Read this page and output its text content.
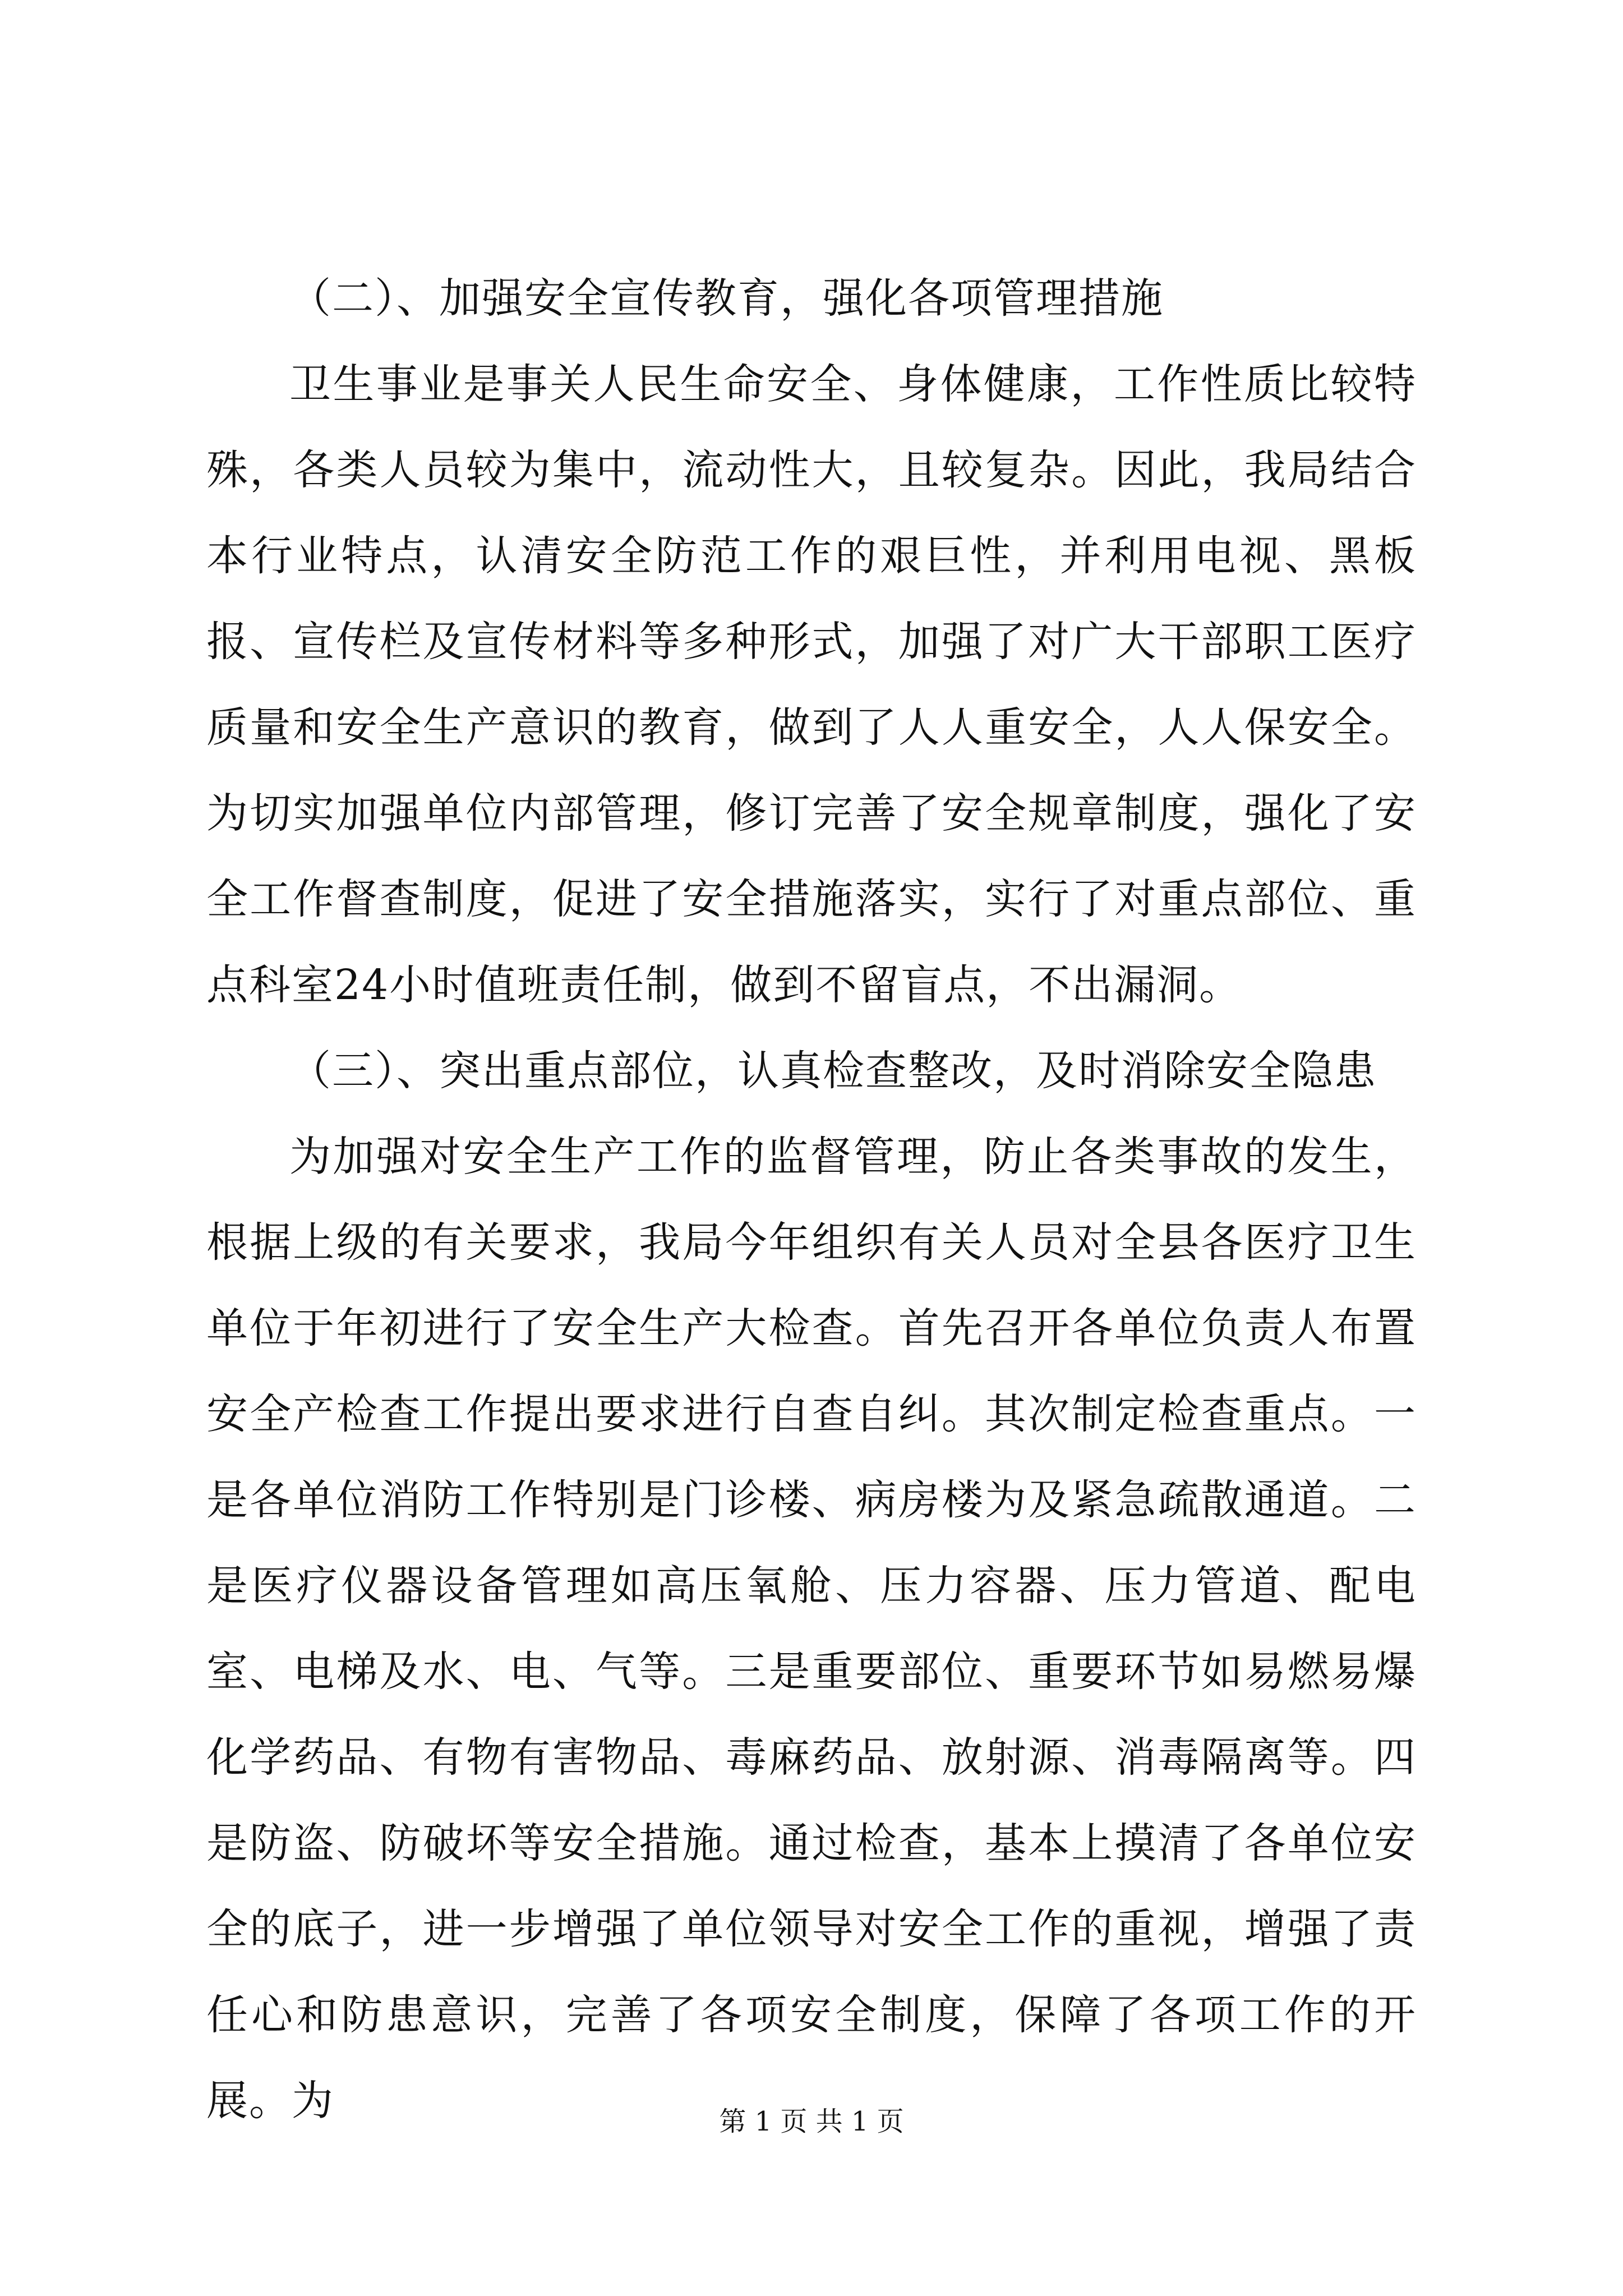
（二）、加强安全宣传教育，强化各项管理措施

卫生事业是事关人民生命安全、身体健康，工作性质比较特殊，各类人员较为集中，流动性大，且较复杂。因此，我局结合本行业特点，认清安全防范工作的艰巨性，并利用电视、黑板报、宣传栏及宣传材料等多种形式，加强了对广大干部职工医疗质量和安全生产意识的教育，做到了人人重安全，人人保安全。为切实加强单位内部管理，修订完善了安全规章制度，强化了安全工作督查制度，促进了安全措施落实，实行了对重点部位、重点科室24小时值班责任制，做到不留盲点，不出漏洞。

（三）、突出重点部位，认真检查整改，及时消除安全隐患

为加强对安全生产工作的监督管理，防止各类事故的发生，根据上级的有关要求，我局今年组织有关人员对全县各医疗卫生单位于年初进行了安全生产大检查。首先召开各单位负责人布置安全产检查工作提出要求进行自查自纠。其次制定检查重点。一是各单位消防工作特别是门诊楼、病房楼为及紧急疏散通道。二是医疗仪器设备管理如高压氧舱、压力容器、压力管道、配电室、电梯及水、电、气等。三是重要部位、重要环节如易燃易爆化学药品、有物有害物品、毒麻药品、放射源、消毒隔离等。四是防盗、防破坏等安全措施。通过检查，基本上摸清了各单位安全的底子，进一步增强了单位领导对安全工作的重视，增强了责任心和防患意识，完善了各项安全制度，保障了各项工作的开展。为	第 1 页 共 1 页
